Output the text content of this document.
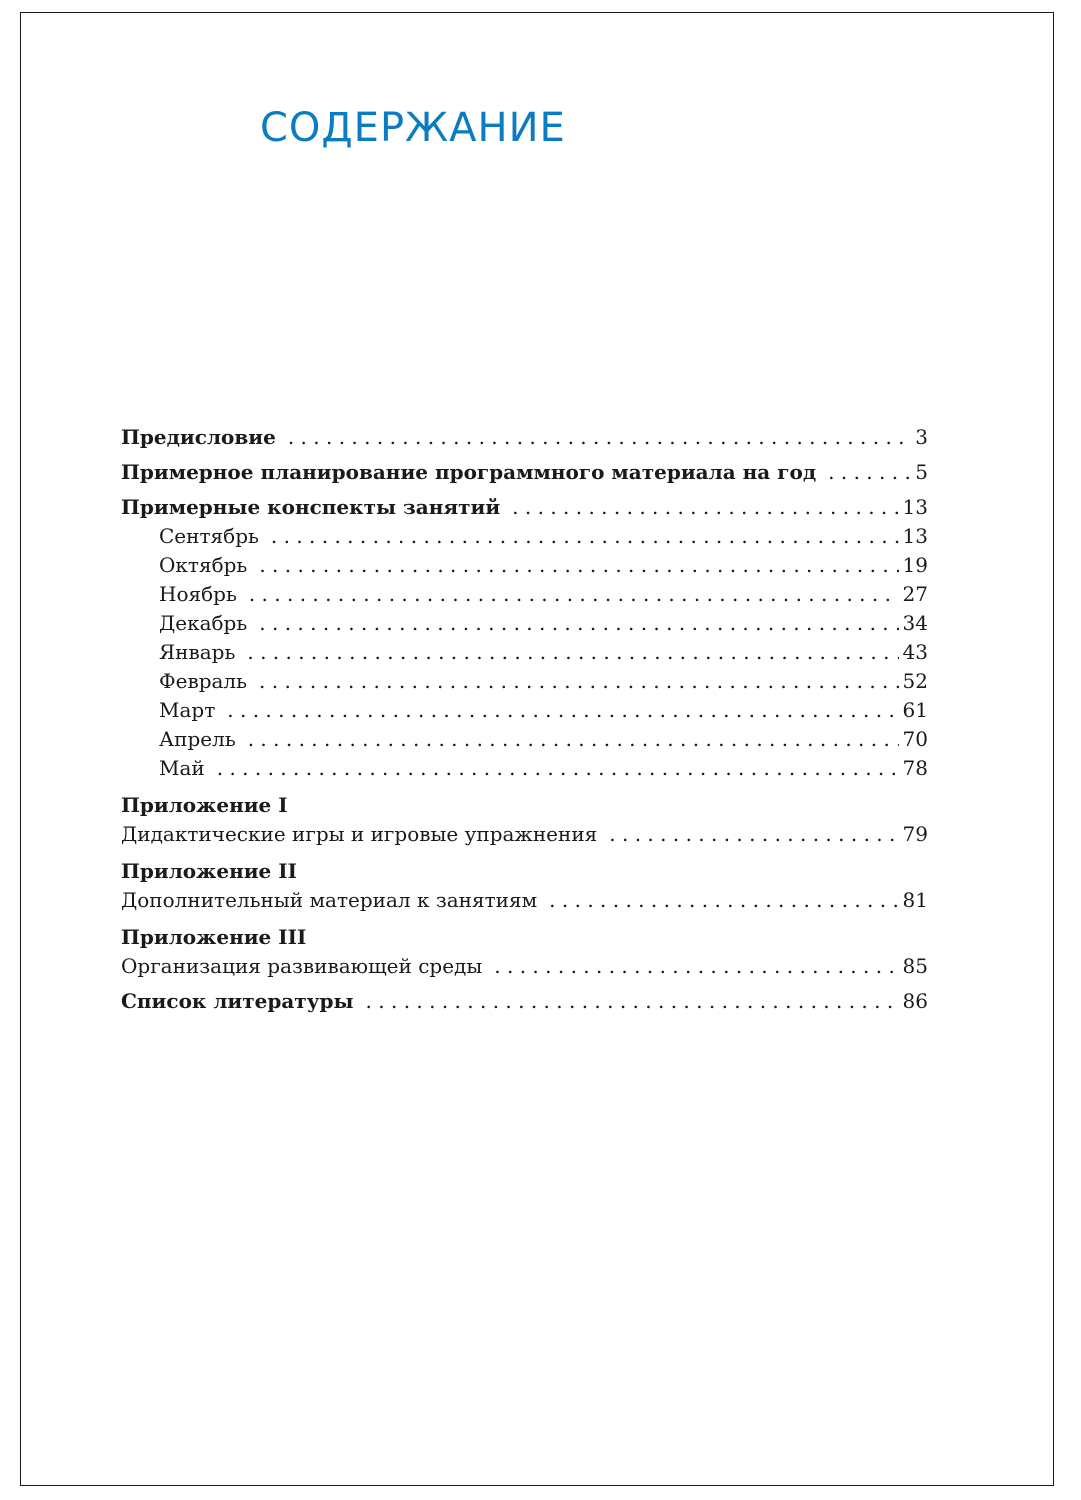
СОДЕРЖАНИЕ
Предисловие . . .	3
Примерное планирование программного материала на год . . .	5
Примерные конспекты занятий . . .	13
Сентябрь . . .	13
Октябрь . . .	19
Ноябрь . . .	27
Декабрь . . .	34
Январь . . .	43
Февраль . . .	52
Март . . .	61
Апрель . . .	70
Май . . .	78
Приложение I
Дидактические игры и игровые упражнения . . .	79
Приложение II
Дополнительный материал к занятиям . . .	81
Приложение III
Организация развивающей среды . . .	85
Список литературы . . .	86
